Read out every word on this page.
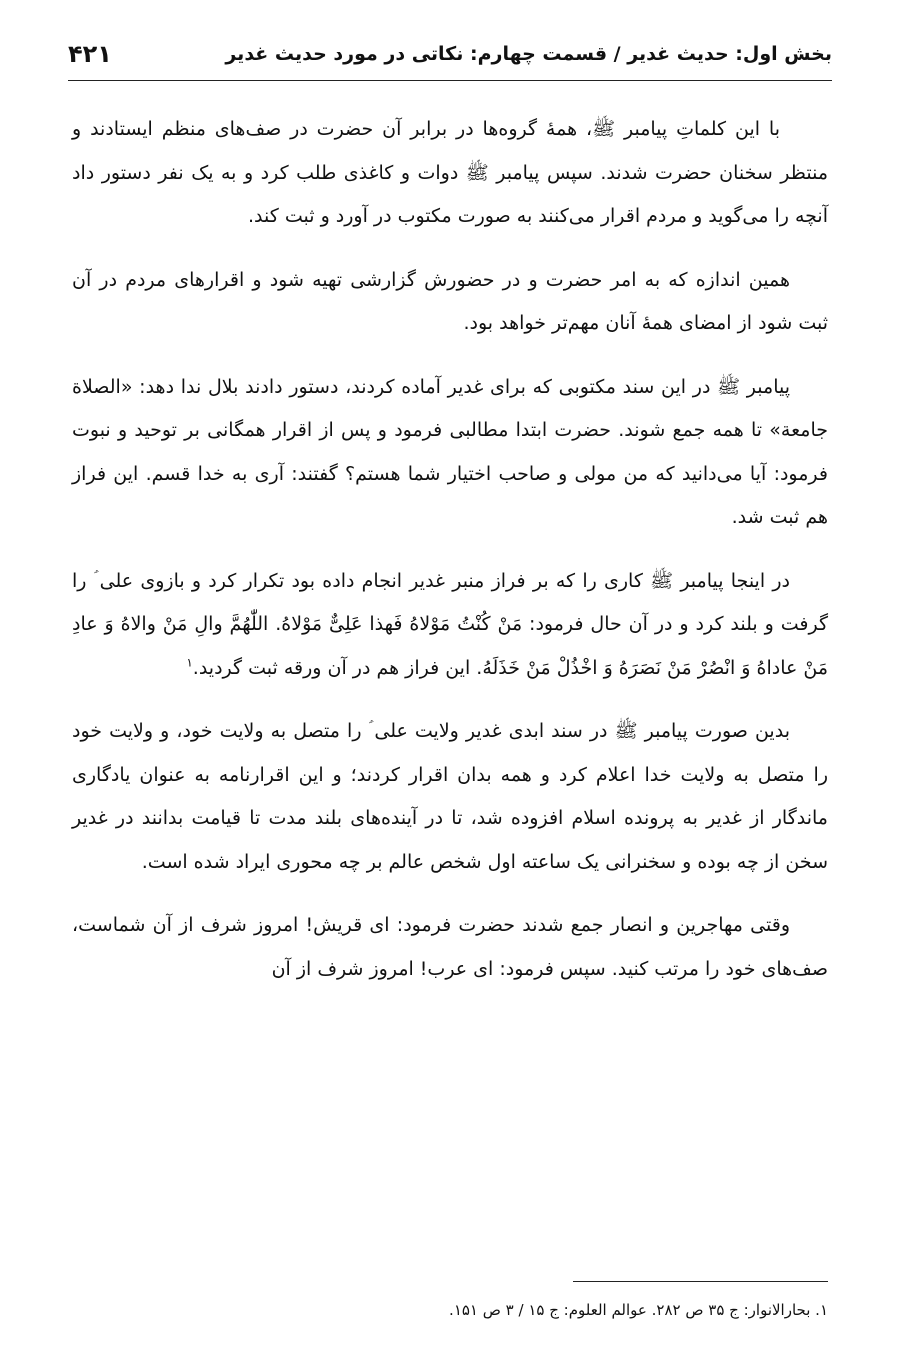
بخش اول: حدیث غدیر / قسمت چهارم: نکاتی در مورد حدیث غدیر
۴۲۱

با این کلماتِ پیامبر ﷺ، همهٔ گروه‌ها در برابر آن حضرت در صف‌های منظم ایستادند و منتظر سخنان حضرت شدند. سپس پیامبر ﷺ دوات و کاغذی طلب کرد و به یک نفر دستور داد آنچه را می‌گوید و مردم اقرار می‌کنند به صورت مکتوب در آورد و ثبت کند.

همین اندازه که به امر حضرت و در حضورش گزارشی تهیه شود و اقرارهای مردم در آن ثبت شود از امضای همهٔ آنان مهم‌تر خواهد بود.

پیامبر ﷺ در این سند مکتوبی که برای غدیر آماده کردند، دستور دادند بلال ندا دهد: «الصلاة جامعة» تا همه جمع شوند. حضرت ابتدا مطالبی فرمود و پس از اقرار همگانی بر توحید و نبوت فرمود: آیا می‌دانید که من مولی و صاحب اختیار شما هستم؟ گفتند: آری به خدا قسم. این فراز هم ثبت شد.

در اینجا پیامبر ﷺ کاری را که بر فراز منبر غدیر انجام داده بود تکرار کرد و بازوی علی ؑ را گرفت و بلند کرد و در آن حال فرمود: مَنْ کُنْتُ مَوْلاهُ فَهذا عَلِیٌّ مَوْلاهُ. اللّٰهُمَّ والِ مَنْ والاهُ وَ عادِ مَنْ عاداهُ وَ انْصُرْ مَنْ نَصَرَهُ وَ اخْذُلْ مَنْ خَذَلَهُ. این فراز هم در آن ورقه ثبت گردید.$^۱$

بدین صورت پیامبر ﷺ در سند ابدی غدیر ولایت علی ؑ را متصل به ولایت خود، و ولایت خود را متصل به ولایت خدا اعلام کرد و همه بدان اقرار کردند؛ و این اقرارنامه به عنوان یادگاری ماندگار از غدیر به پرونده اسلام افزوده شد، تا در آینده‌های بلند مدت تا قیامت بدانند در غدیر سخن از چه بوده و سخنرانی یک ساعته اول شخص عالم بر چه محوری ایراد شده است.

وقتی مهاجرین و انصار جمع شدند حضرت فرمود: ای قریش! امروز شرف از آن شماست، صف‌های خود را مرتب کنید. سپس فرمود: ای عرب! امروز شرف از آن

۱. بحارالانوار: ج ۳۵ ص ۲۸۲. عوالم العلوم: ج ۱۵ / ۳ ص ۱۵۱.
